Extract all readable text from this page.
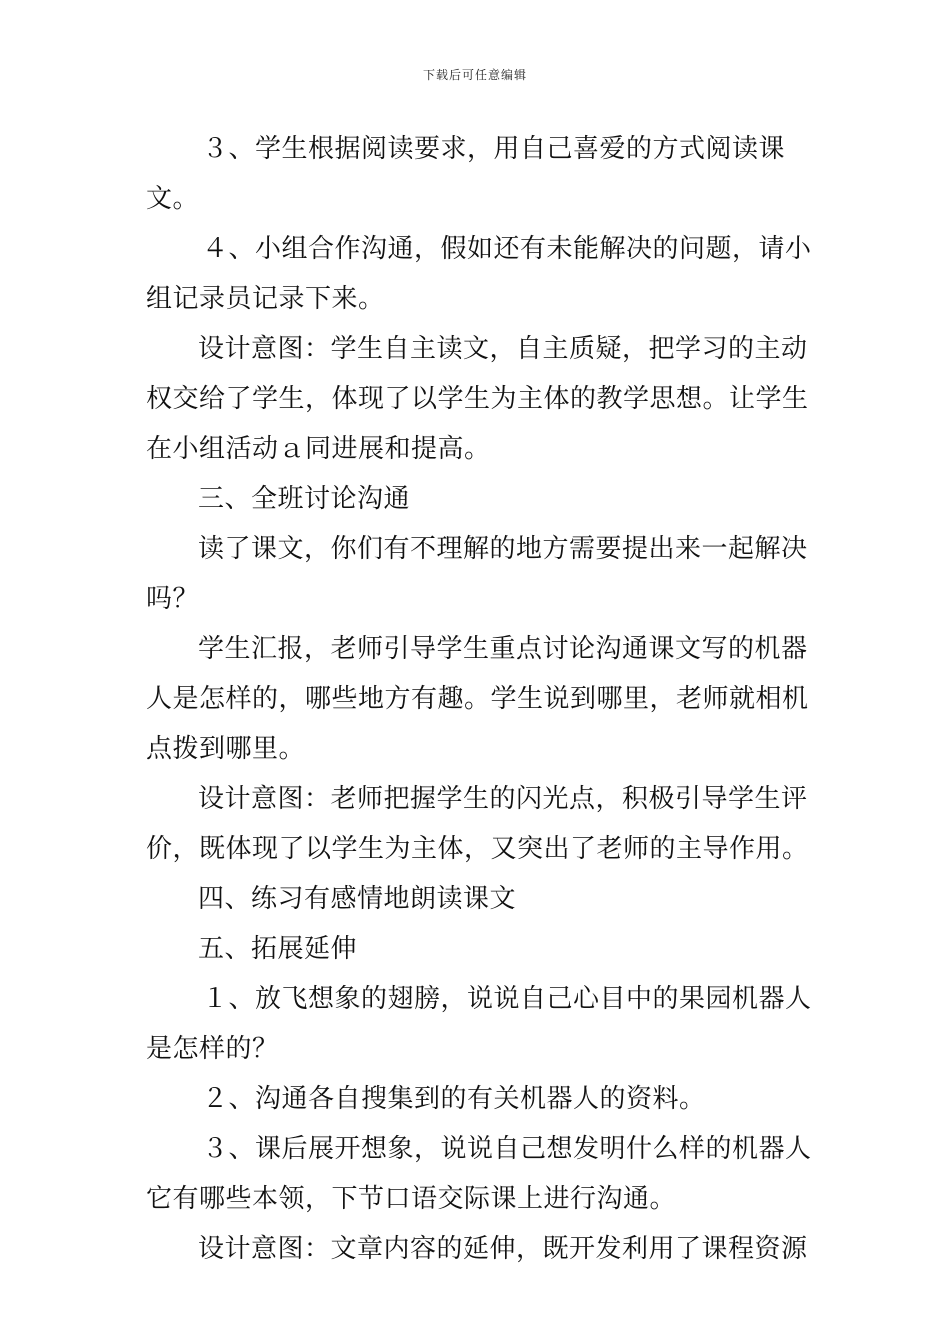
下载后可任意编辑

３、学生根据阅读要求，用自己喜爱的方式阅读课文。

４、小组合作沟通，假如还有未能解决的问题，请小组记录员记录下来。

设计意图：学生自主读文，自主质疑，把学习的主动权交给了学生，体现了以学生为主体的教学思想。让学生在小组活动ａ同进展和提高。

三、全班讨论沟通

读了课文，你们有不理解的地方需要提出来一起解决吗？

学生汇报，老师引导学生重点讨论沟通课文写的机器人是怎样的，哪些地方有趣。学生说到哪里，老师就相机点拨到哪里。

设计意图：老师把握学生的闪光点，积极引导学生评价，既体现了以学生为主体，又突出了老师的主导作用。

四、练习有感情地朗读课文

五、拓展延伸

１、放飞想象的翅膀，说说自己心目中的果园机器人是怎样的？

２、沟通各自搜集到的有关机器人的资料。

３、课后展开想象，说说自己想发明什么样的机器人它有哪些本领，下节口语交际课上进行沟通。

设计意图：文章内容的延伸，既开发利用了课程资源
